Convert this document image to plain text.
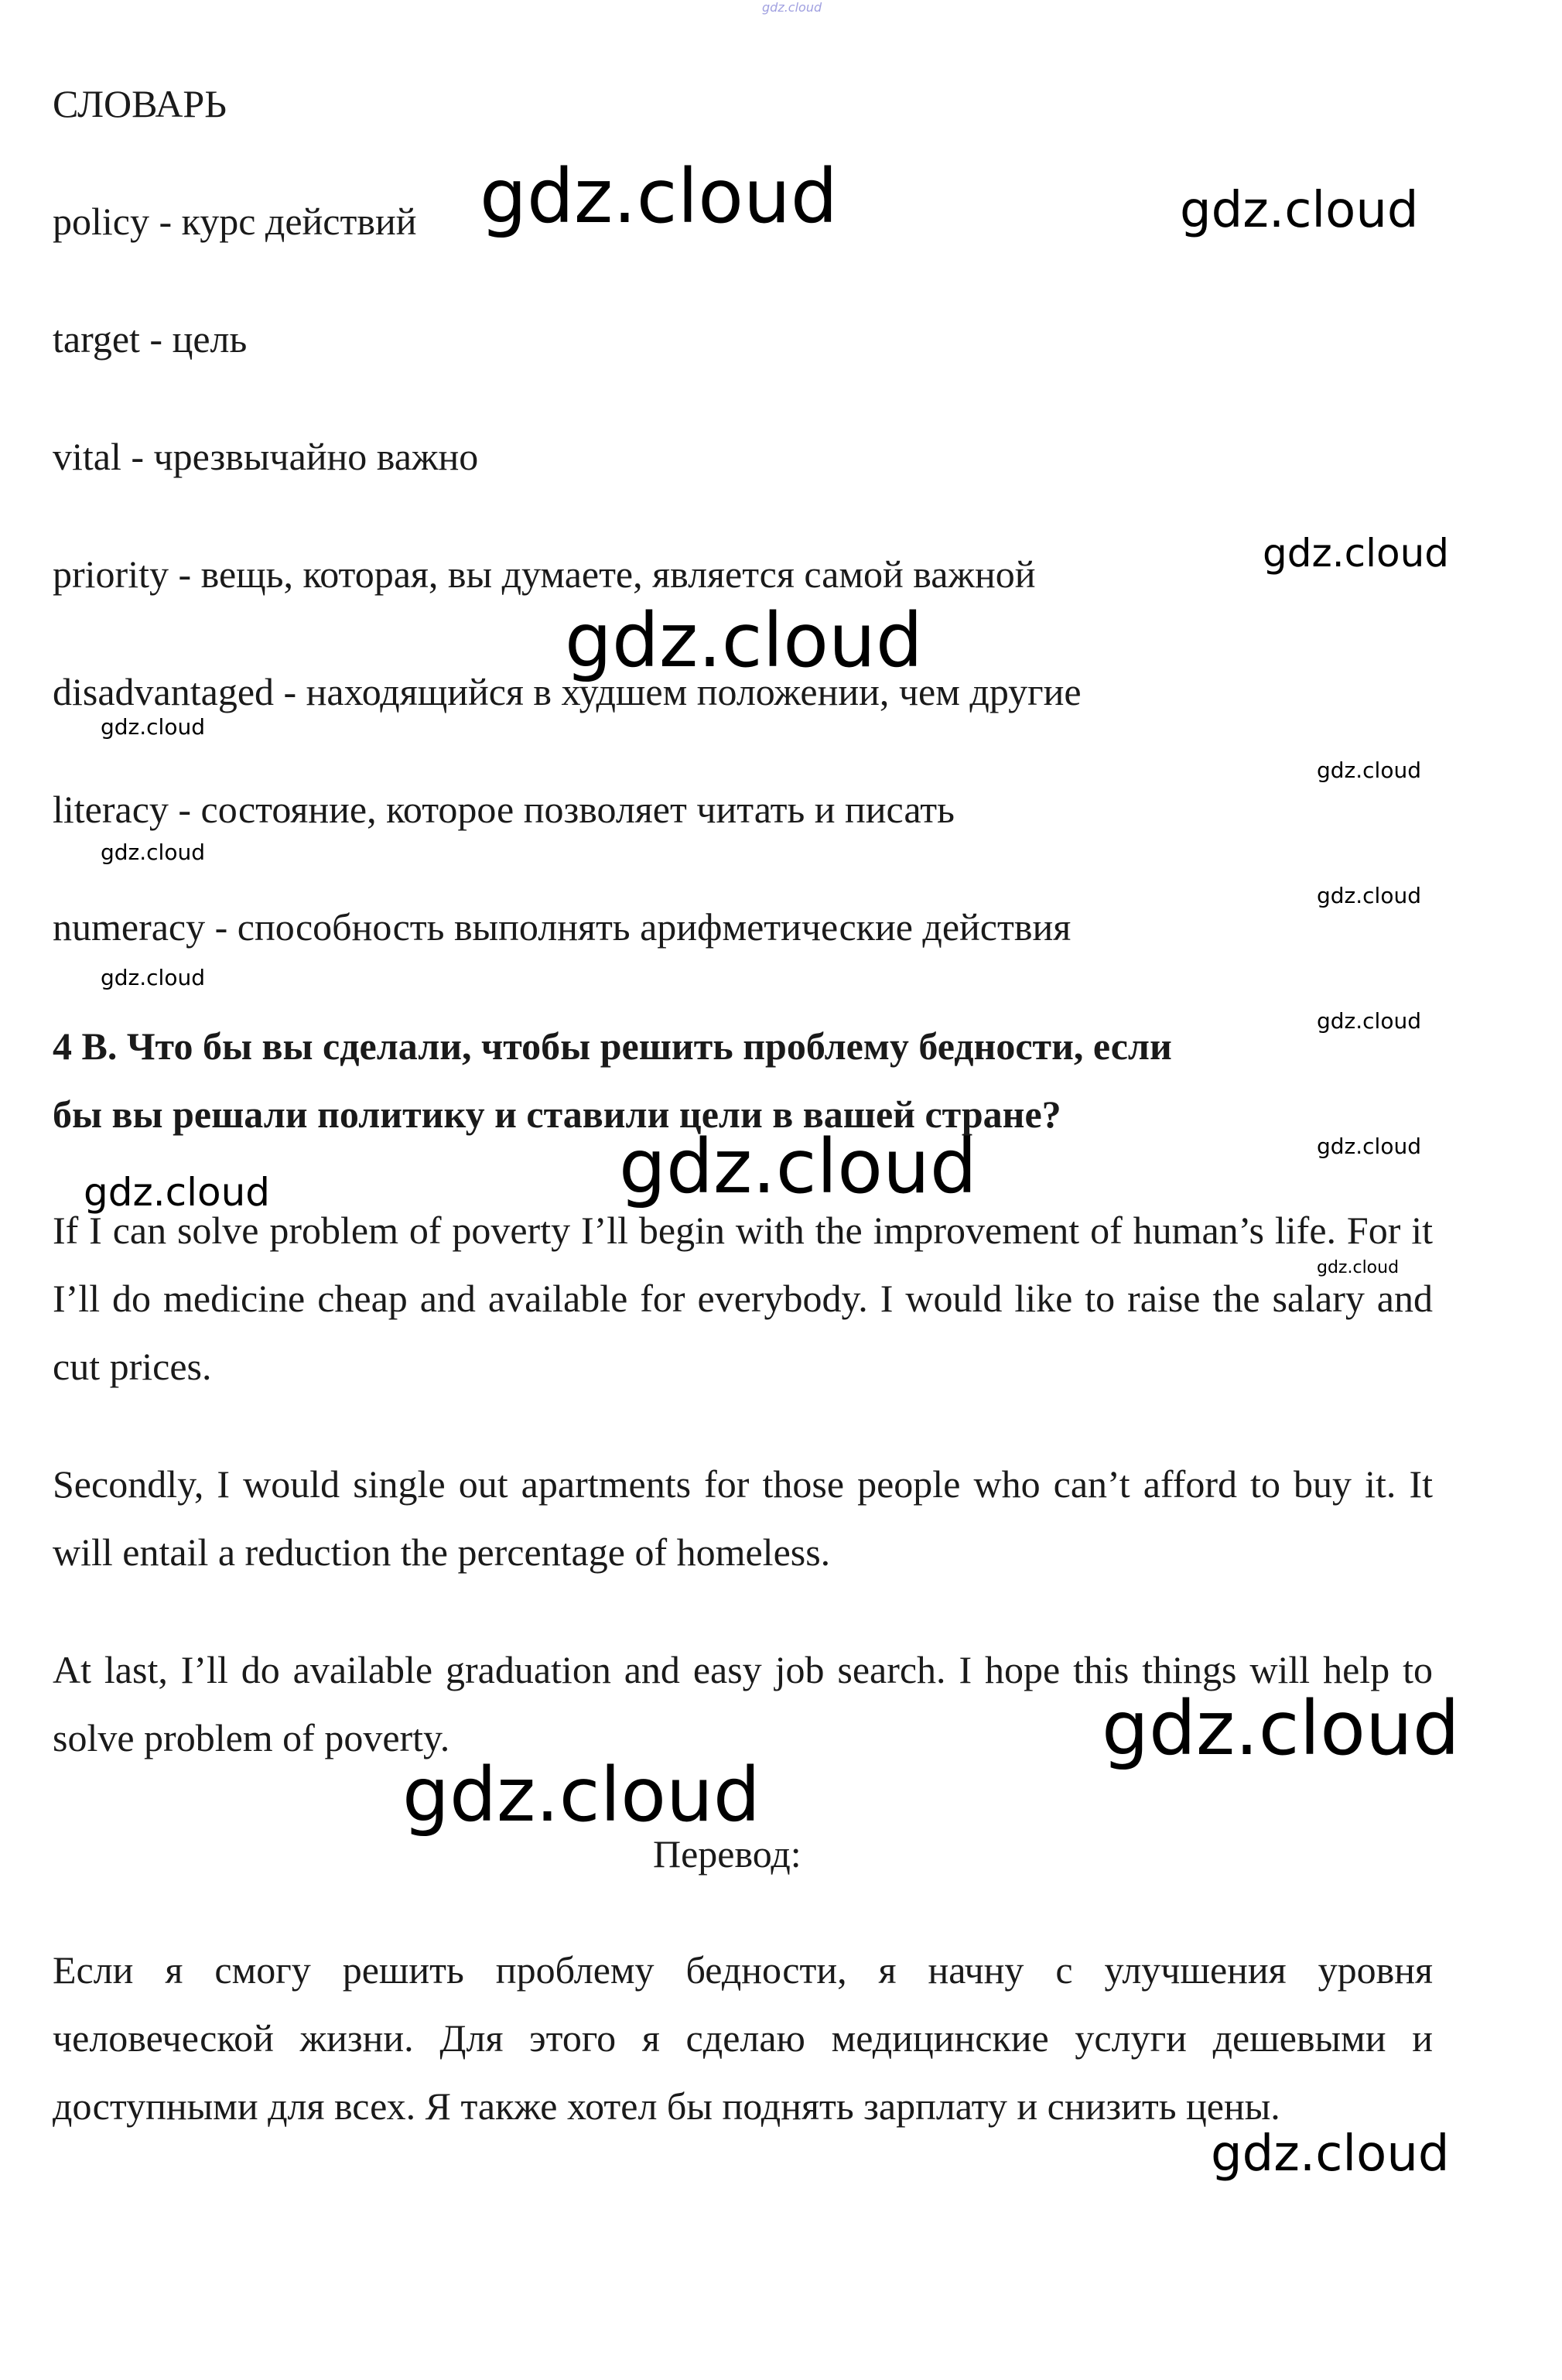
gdz.cloud

СЛОВАРЬ

policy - курс действий

target - цель

vital - чрезвычайно важно

priority - вещь, которая, вы думаете, является самой важной

disadvantaged - находящийся в худшем положении, чем другие

literacy - состояние, которое позволяет читать и писать

numeracy - способность выполнять арифметические действия

4 В. Что бы вы сделали, чтобы решить проблему бедности, если

бы вы решали политику и ставили цели в вашей стране?

If I can solve problem of poverty I’ll begin with the improvement of human’s life. For it I’ll do medicine cheap and available for everybody. I would like to raise the salary and cut prices.

Secondly, I would single out apartments for those people who can’t afford to buy it. It will entail a reduction the percentage of homeless.

At last, I’ll do available graduation and easy job search. I hope this things will help to solve problem of poverty.

Перевод:

Если я смогу решить проблему бедности, я начну с улучшения уровня человеческой жизни. Для этого я сделаю медицинские услуги дешевыми и доступными для всех. Я также хотел бы поднять зарплату и снизить цены.

gdz.cloud	gdz.cloud
gdz.cloud
gdz.cloud
gdz.cloud
gdz.cloud
gdz.cloud
gdz.cloud
gdz.cloud
gdz.cloud
gdz.cloud
gdz.cloud	gdz.cloud
gdz.cloud
gdz.cloud
gdz.cloud
gdz.cloud
